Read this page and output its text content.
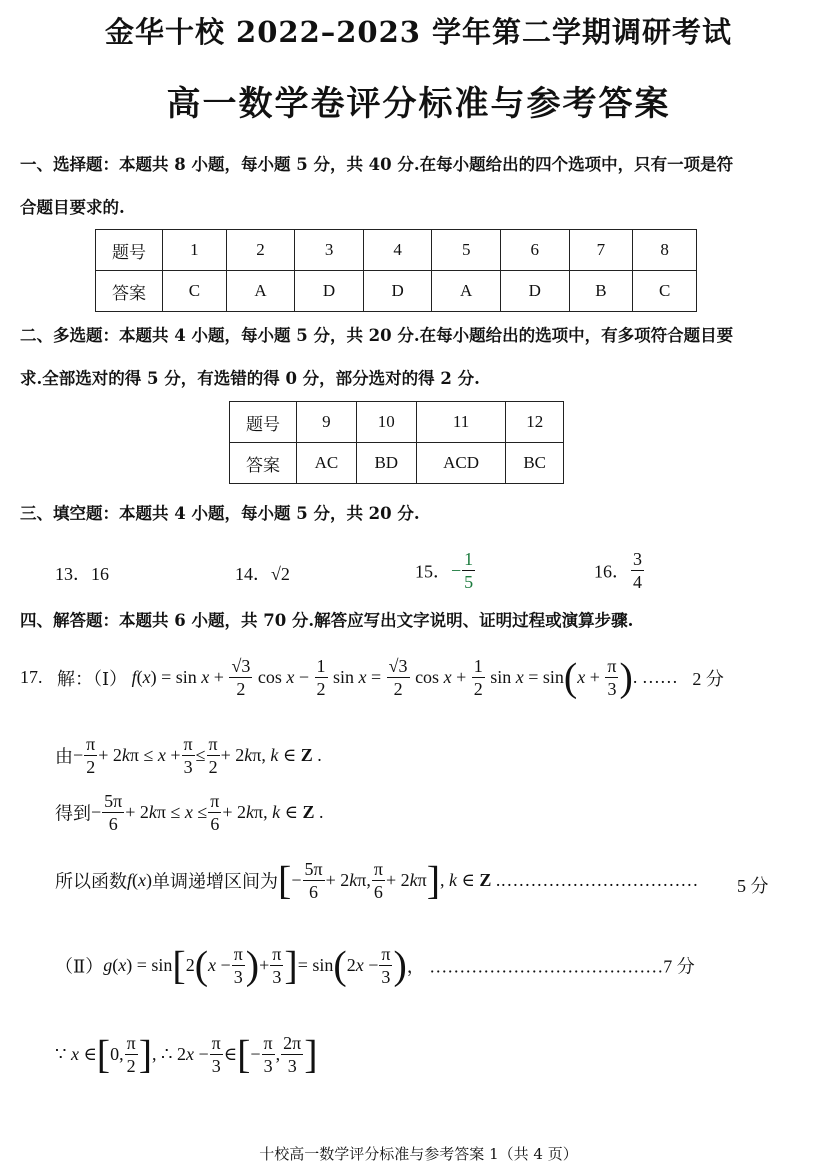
金华十校 2022–2023 学年第二学期调研考试
高一数学卷评分标准与参考答案
一、选择题：本题共 8 小题，每小题 5 分，共 40 分.在每小题给出的四个选项中，只有一项是符
合题目要求的.
题号	1	2	3	4	5	6	7	8
答案	C	A	D	D	A	D	B	C
二、多选题：本题共 4 小题，每小题 5 分，共 20 分.在每小题给出的选项中，有多项符合题目要
求.全部选对的得 5 分，有选错的得 0 分，部分选对的得 2 分.
题号	9	10	11	12
答案	AC	BD	ACD	BC
三、填空题：本题共 4 小题，每小题 5 分，共 20 分.
13．16	14．√2	15．− $\frac{1}{5}$	16． $\frac{3}{4}$
四、解答题：本题共 6 小题，共 70 分.解答应写出文字说明、证明过程或演算步骤.
17. 解：（Ⅰ） $f(x) = \sin x + \frac{√3}{2}$ $\cos x - \frac{1}{2}$ $\sin x = \frac{√3}{2}$ $\cos x + \frac{1}{2}$ $\sin x = \sin(x + \frac{\pi}{3}$ ). …… 2 分
由− $\frac{\pi}{2} + 2k\pi \le x + \frac{\pi}{3} \le \frac{\pi}{2} + 2k\pi$, k ∈ Z .
得到− $\frac{5\pi}{6} + 2k\pi \le x \le \frac{\pi}{6} + 2k\pi$, k ∈ Z .
所以函数f(x)单调递增区间为[− $\frac{5\pi}{6} + 2k\pi$, $\frac{\pi}{6} + 2k\pi$], k ∈ Z .…………………………… 5 分
（Ⅱ）g(x) = $\sin[2(x - \frac{\pi}{3}$ )+ $\frac{\pi}{3}$ ]= $\sin(2x - \frac{\pi}{3}$ )， …………………………………7 分
∵ x ∈[0, $\frac{\pi}{2}$ ], ∴ $2x - \frac{\pi}{3}$ ∈[− $\frac{\pi}{3}$ , $\frac{2\pi}{3}$ ]
十校高一数学评分标准与参考答案 1（共 4 页）
